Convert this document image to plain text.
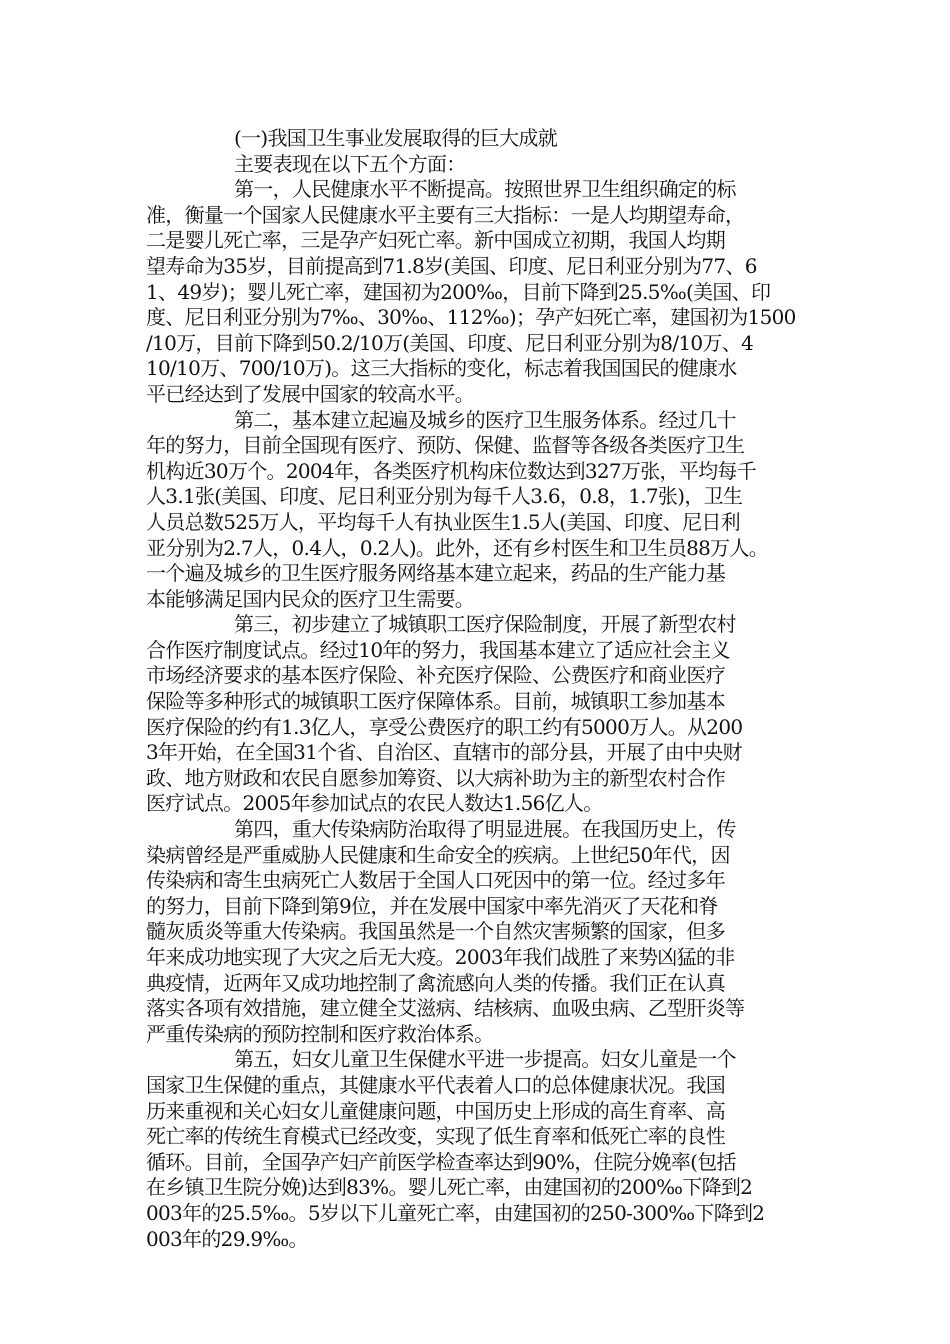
(一)我国卫生事业发展取得的巨大成就
主要表现在以下五个方面：
第一，人民健康水平不断提高。按照世界卫生组织确定的标
准，衡量一个国家人民健康水平主要有三大指标：一是人均期望寿命，
二是婴儿死亡率，三是孕产妇死亡率。新中国成立初期，我国人均期
望寿命为35岁，目前提高到71.8岁(美国、印度、尼日利亚分别为77、6
1、49岁)；婴儿死亡率，建国初为200‰，目前下降到25.5‰(美国、印
度、尼日利亚分别为7‰、30‰、112‰)；孕产妇死亡率，建国初为1500
/10万，目前下降到50.2/10万(美国、印度、尼日利亚分别为8/10万、4
10/10万、700/10万)。这三大指标的变化，标志着我国国民的健康水
平已经达到了发展中国家的较高水平。
第二，基本建立起遍及城乡的医疗卫生服务体系。经过几十
年的努力，目前全国现有医疗、预防、保健、监督等各级各类医疗卫生
机构近30万个。2004年，各类医疗机构床位数达到327万张，平均每千
人3.1张(美国、印度、尼日利亚分别为每千人3.6，0.8，1.7张)，卫生
人员总数525万人，平均每千人有执业医生1.5人(美国、印度、尼日利
亚分别为2.7人，0.4人，0.2人)。此外，还有乡村医生和卫生员88万人。
一个遍及城乡的卫生医疗服务网络基本建立起来，药品的生产能力基
本能够满足国内民众的医疗卫生需要。
第三，初步建立了城镇职工医疗保险制度，开展了新型农村
合作医疗制度试点。经过10年的努力，我国基本建立了适应社会主义
市场经济要求的基本医疗保险、补充医疗保险、公费医疗和商业医疗
保险等多种形式的城镇职工医疗保障体系。目前，城镇职工参加基本
医疗保险的约有1.3亿人，享受公费医疗的职工约有5000万人。从200
3年开始，在全国31个省、自治区、直辖市的部分县，开展了由中央财
政、地方财政和农民自愿参加筹资、以大病补助为主的新型农村合作
医疗试点。2005年参加试点的农民人数达1.56亿人。
第四，重大传染病防治取得了明显进展。在我国历史上，传
染病曾经是严重威胁人民健康和生命安全的疾病。上世纪50年代，因
传染病和寄生虫病死亡人数居于全国人口死因中的第一位。经过多年
的努力，目前下降到第9位，并在发展中国家中率先消灭了天花和脊
髓灰质炎等重大传染病。我国虽然是一个自然灾害频繁的国家，但多
年来成功地实现了大灾之后无大疫。2003年我们战胜了来势凶猛的非
典疫情，近两年又成功地控制了禽流感向人类的传播。我们正在认真
落实各项有效措施，建立健全艾滋病、结核病、血吸虫病、乙型肝炎等
严重传染病的预防控制和医疗救治体系。
第五，妇女儿童卫生保健水平进一步提高。妇女儿童是一个
国家卫生保健的重点，其健康水平代表着人口的总体健康状况。我国
历来重视和关心妇女儿童健康问题，中国历史上形成的高生育率、高
死亡率的传统生育模式已经改变，实现了低生育率和低死亡率的良性
循环。目前，全国孕产妇产前医学检查率达到90%，住院分娩率(包括
在乡镇卫生院分娩)达到83%。婴儿死亡率，由建国初的200‰下降到2
003年的25.5‰。5岁以下儿童死亡率，由建国初的250-300‰下降到2
003年的29.9‰。
